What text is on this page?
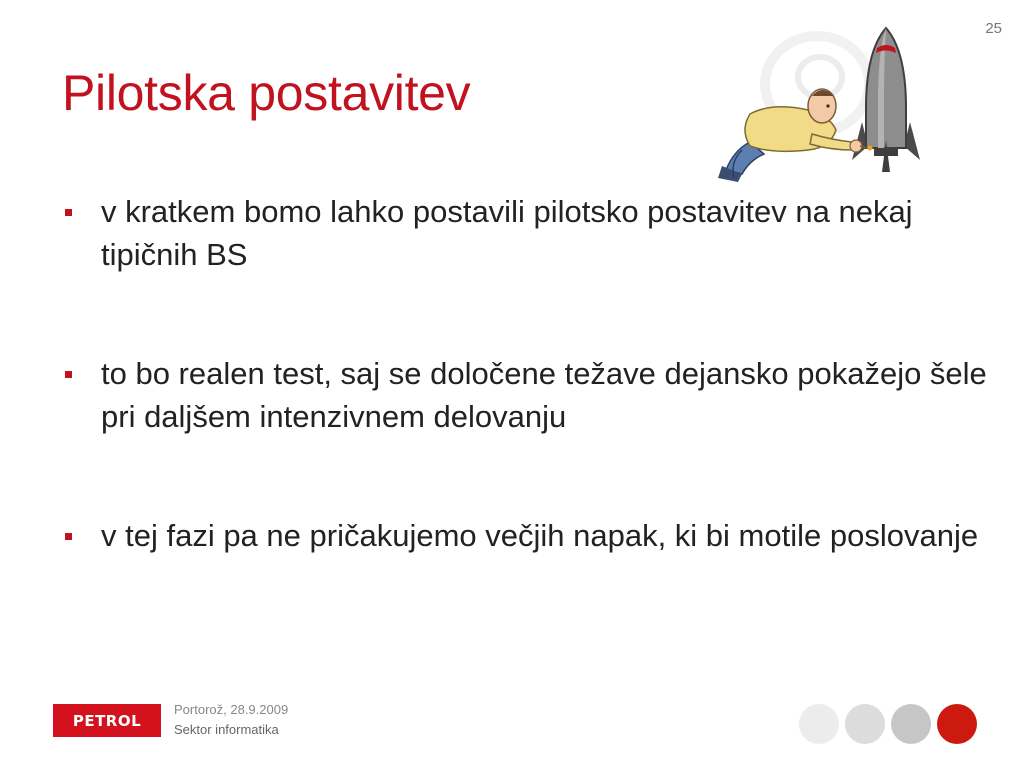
25
Pilotska postavitev
v kratkem bomo lahko postavili pilotsko postavitev na nekaj tipičnih BS
to bo realen test, saj se določene težave dejansko pokažejo šele pri daljšem intenzivnem delovanju
v tej fazi pa ne pričakujemo večjih napak, ki bi motile poslovanje
PETROL
Portorož, 28.9.2009
Sektor informatika
